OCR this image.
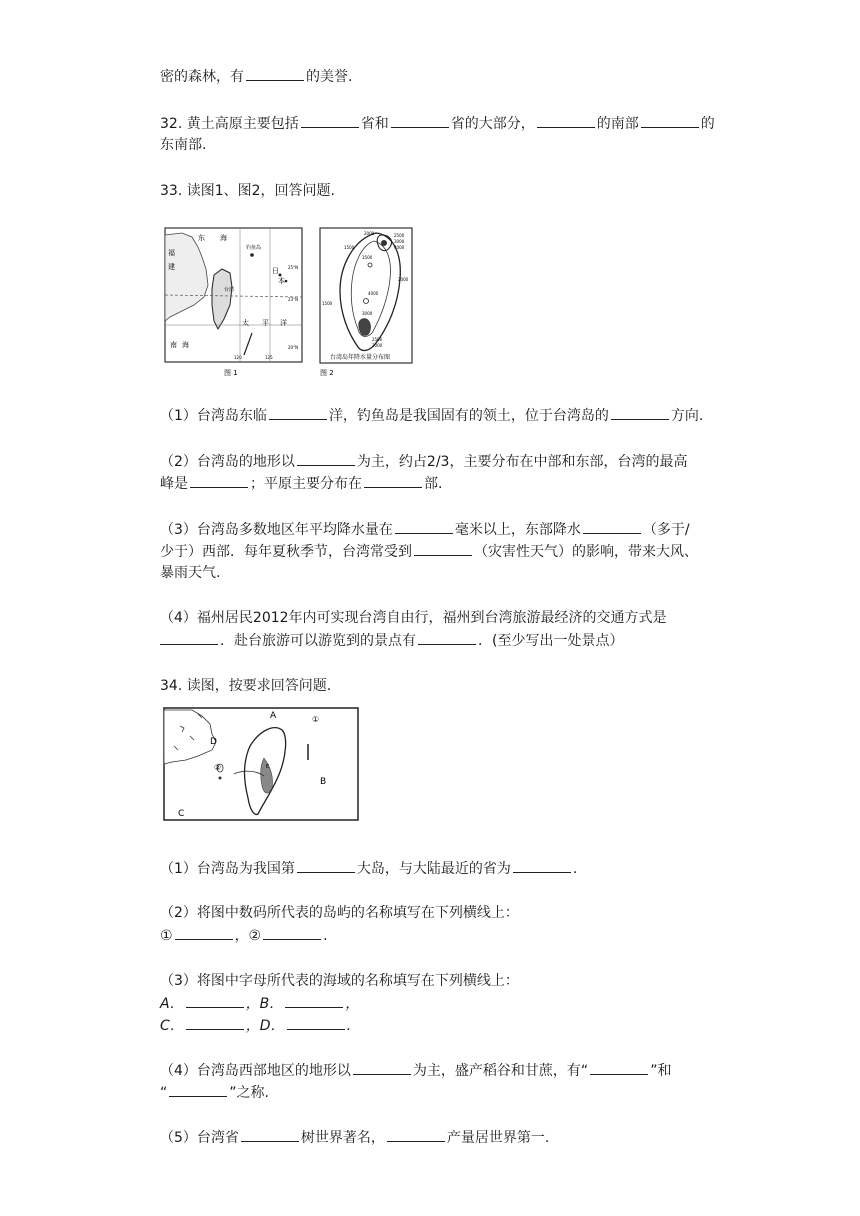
密的森林，有	的美誉.
32. 黄土高原主要包括	省和	省的大部分，	的南部	的
东南部.
33. 读图1、图2，回答问题.
东 海
福
建
钓鱼岛
台湾
日
本
太 平 洋
南 海
25°N
23°N
120	125
20°N
图 1
2000
1500
2500
3000
4000
1500
2000
4000
3000
1500
2500
2000
台湾岛年降水量分布图
图 2
（1）台湾岛东临	洋，钓鱼岛是我国固有的领土，位于台湾岛的	方向.
（2）台湾岛的地形以	为主，约占2/3，主要分布在中部和东部，台湾的最高
峰是	；平原主要分布在	部.
（3）台湾岛多数地区年平均降水量在	毫米以上，东部降水	（多于/
少于）西部．每年夏秋季节，台湾常受到	（灾害性天气）的影响，带来大风、
暴雨天气.
（4）福州居民2012年内可实现台湾自由行，福州到台湾旅游最经济的交通方式是
．赴台旅游可以游览到的景点有	．(至少写出一处景点）
34. 读图，按要求回答问题.
A
B
C
D
E
①
②
（1）台湾岛为我国第	大岛，与大陆最近的省为	.
（2）将图中数码所代表的岛屿的名称填写在下列横线上：
①	，②	.
（3）将图中字母所代表的海域的名称填写在下列横线上：
A．	，B．	，
C．	，D．	.
（4）台湾岛西部地区的地形以	为主，盛产稻谷和甘蔗，有“	”和
“	”之称.
（5）台湾省	树世界著名，	产量居世界第一.
